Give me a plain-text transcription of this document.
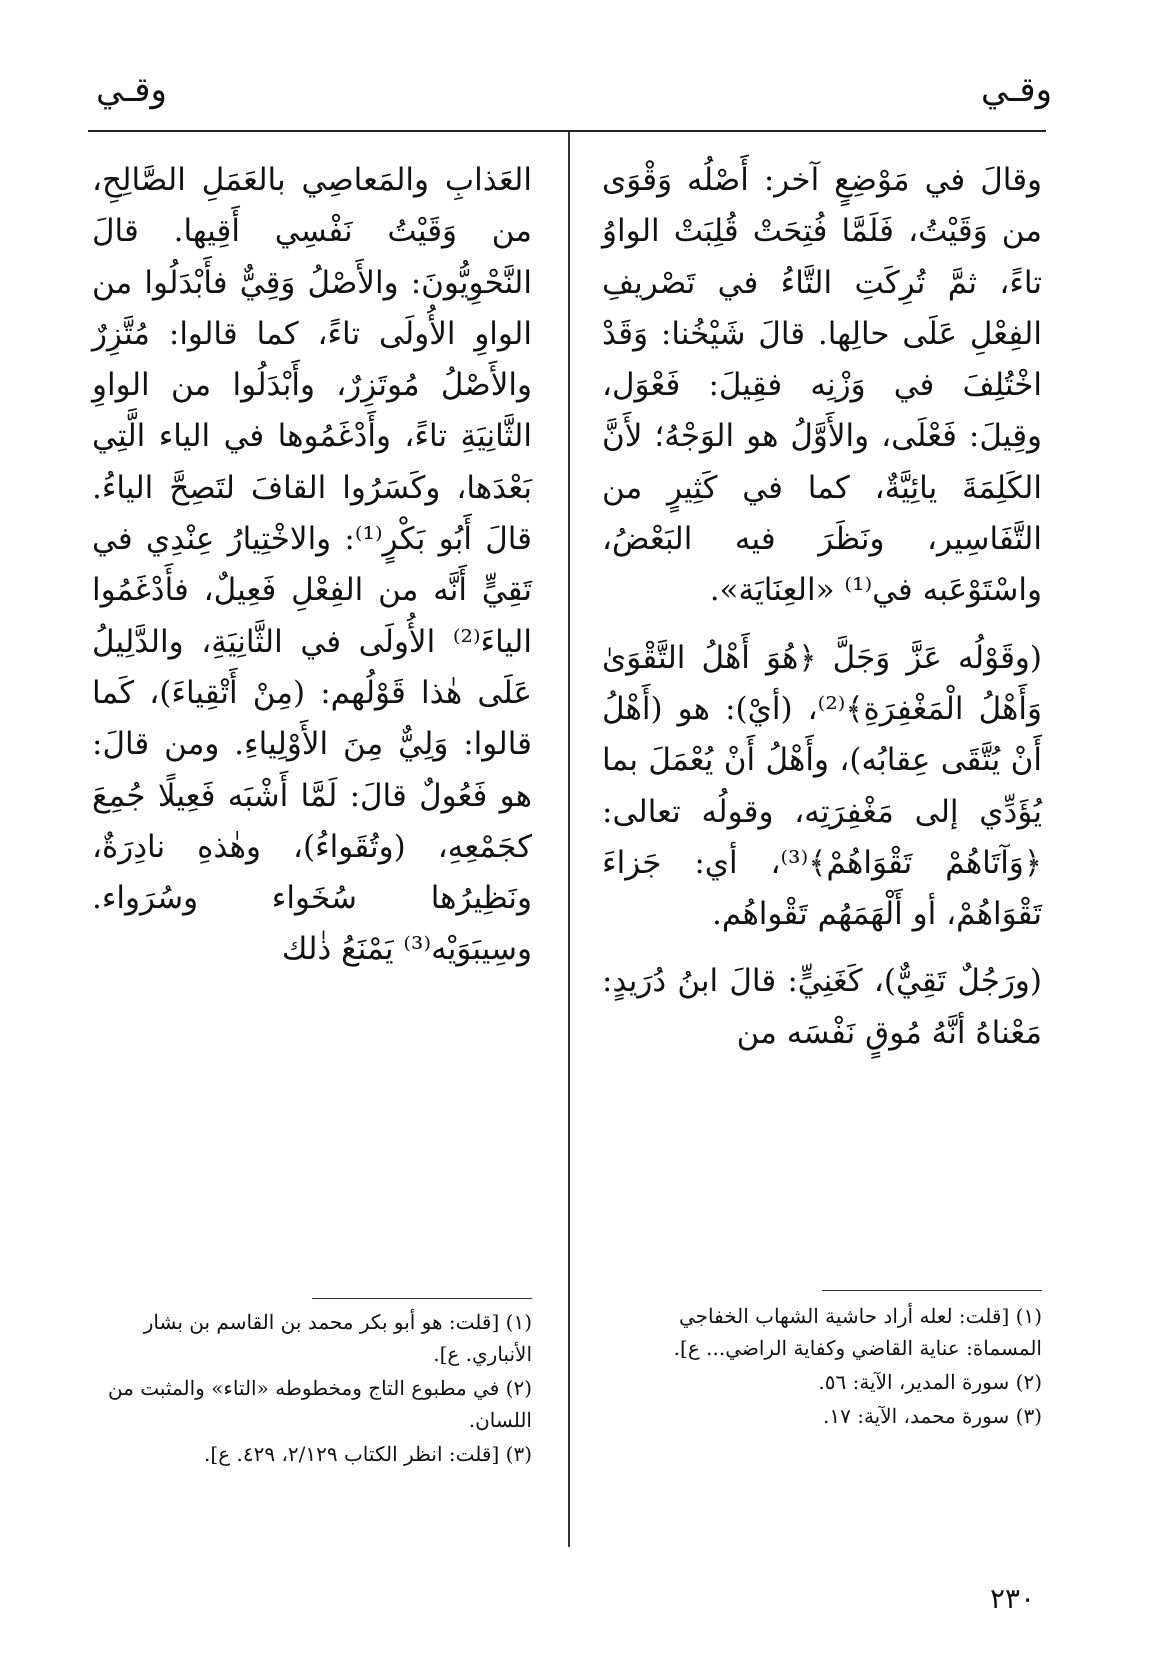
وقـي
وقـي

وقالَ في مَوْضِعٍ آخر: أَصْلُه وَقْوَى من وَقَيْتُ، فَلَمَّا فُتِحَتْ قُلِبَتْ الواوُ تاءً، ثمَّ تُرِكَتِ التَّاءُ في تَصْريفِ الفِعْلِ عَلَى حالِها. قالَ شَيْخُنا: وَقَدْ اخْتُلِفَ في وَزْنِه فقِيلَ: فَعْوَل، وقِيلَ: فَعْلَى، والأَوَّلُ هو الوَجْهُ؛ لأَنَّ الكَلِمَةَ يائِيَّةٌ، كما في كَثِيرٍ من التَّفَاسِير، ونَظَرَ فيه البَعْضُ، واسْتَوْعَبه في⁽¹⁾ «العِنَايَة».

(وقَوْلُه عَزَّ وَجَلَّ ﴿هُوَ أَهْلُ التَّقْوَىٰ وَأَهْلُ الْمَغْفِرَةِ﴾⁽²⁾، (أيْ): هو (أَهْلُ أَنْ يُتَّقَى عِقابُه)، وأَهْلُ أَنْ يُعْمَلَ بما يُؤَدِّي إلى مَغْفِرَتِه، وقولُه تعالى: ﴿وَآتَاهُمْ تَقْوَاهُمْ﴾⁽³⁾، أي: جَزاءَ تَقْوَاهُمْ، أو أَلْهَمَهُم تَقْواهُم.

(ورَجُلٌ تَقِيٌّ)، كَغَنِيٍّ: قالَ ابنُ دُرَيدٍ: مَعْناهُ أنَّهُ مُوقٍ نَفْسَه من

العَذابِ والمَعاصِي بالعَمَلِ الصَّالِحِ، من وَقَيْتُ نَفْسِي أَقِيها. قالَ النَّحْوِيُّونَ: والأَصْلُ وَقِيٌّ فأَبْدَلُوا من الواوِ الأُولَى تاءً، كما قالوا: مُتَّزِرٌ والأَصْلُ مُوتَزِرٌ، وأَبْدَلُوا من الواوِ الثَّانِيَةِ تاءً، وأَدْغَمُوها في الياء الَّتِي بَعْدَها، وكَسَرُوا القافَ لتَصِحَّ الياءُ. قالَ أَبُو بَكْرٍ⁽¹⁾: والاخْتِيارُ عِنْدِي في تَقِيٍّ أَنَّه من الفِعْلِ فَعِيلٌ، فأَدْغَمُوا الياءَ⁽²⁾ الأُولَى في الثَّانِيَةِ، والدَّلِيلُ عَلَى هٰذا قَوْلُهم: (مِنْ أَتْقِياءَ)، كَما قالوا: وَلِيٌّ مِنَ الأَوْلِياءِ. ومن قالَ: هو فَعُولٌ قالَ: لَمَّا أَشْبَه فَعِيلًا جُمِعَ كجَمْعِهِ، (وتُقَواءُ)، وهٰذهِ نادِرَةٌ، ونَظِيرُها سُخَواء وسُرَواء. وسِيبَوَيْه⁽³⁾ يَمْنَعُ ذٰلك

(١) [قلت: لعله أراد حاشية الشهاب الخفاجي المسماة: عناية القاضي وكفاية الراضي... ع].

(٢) سورة المدير، الآية: ٥٦.

(٣) سورة محمد، الآية: ١٧.

(١) [قلت: هو أبو بكر محمد بن القاسم بن بشار الأنباري. ع].

(٢) في مطبوع التاج ومخطوطه «التاء» والمثبت من اللسان.

(٣) [قلت: انظر الكتاب ٢/١٢٩، ٤٢٩. ع].

٢٣٠
